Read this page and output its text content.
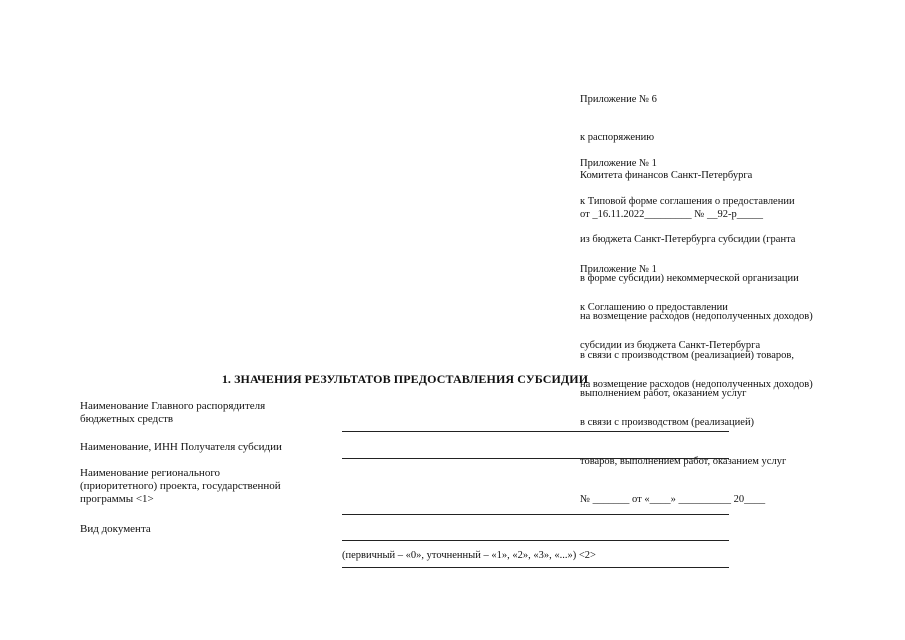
Приложение № 6

к распоряжению

Комитета финансов Санкт-Петербурга

от _16.11.2022_________ № __92-р_____

Приложение № 1

к Типовой форме соглашения о предоставлении

из бюджета Санкт-Петербурга субсидии (гранта

в форме субсидии) некоммерческой организации

на возмещение расходов (недополученных доходов)

в связи с производством (реализацией) товаров,

выполнением работ, оказанием услуг

Приложение № 1

к Соглашению о предоставлении

субсидии из бюджета Санкт-Петербурга

на возмещение расходов (недополученных доходов)

в связи с производством (реализацией)

товаров, выполнением работ, оказанием услуг

№ _______ от «____» __________ 20____

1. ЗНАЧЕНИЯ РЕЗУЛЬТАТОВ ПРЕДОСТАВЛЕНИЯ СУБСИДИИ
Наименование Главного распорядителя
бюджетных средств
Наименование, ИНН Получателя субсидии
Наименование регионального
(приоритетного) проекта, государственной
программы <1>
Вид документа
(первичный – «0», уточненный – «1», «2», «3», «...») <2>
